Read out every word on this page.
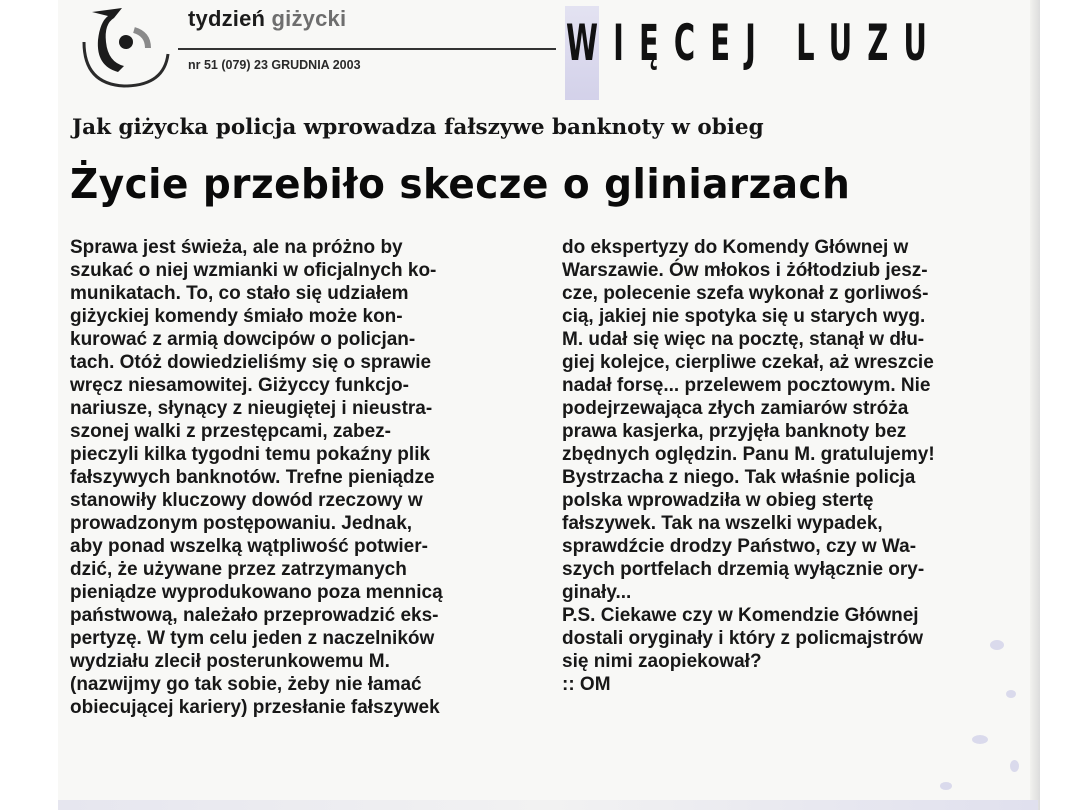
tydzień giżycki
nr 51 (079) 23 GRUDNIA 2003	WIĘCEJ LUZU
Jak giżycka policja wprowadza fałszywe banknoty w obieg
Życie przebiło skecze o gliniarzach
Sprawa jest świeża, ale na próżno by
szukać o niej wzmianki w oficjalnych ko-
munikatach. To, co stało się udziałem
giżyckiej komendy śmiało może kon-
kurować z armią dowcipów o policjan-
tach. Otóż dowiedzieliśmy się o sprawie
wręcz niesamowitej. Giżyccy funkcjo-
nariusze, słynący z nieugiętej i nieustra-
szonej walki z przestępcami, zabez-
pieczyli kilka tygodni temu pokaźny plik
fałszywych banknotów. Trefne pieniądze
stanowiły kluczowy dowód rzeczowy w
prowadzonym postępowaniu. Jednak,
aby ponad wszelką wątpliwość potwier-
dzić, że używane przez zatrzymanych
pieniądze wyprodukowano poza mennicą
państwową, należało przeprowadzić eks-
pertyzę. W tym celu jeden z naczelników
wydziału zlecił posterunkowemu M.
(nazwijmy go tak sobie, żeby nie łamać
obiecującej kariery) przesłanie fałszywek
do ekspertyzy do Komendy Głównej w
Warszawie. Ów młokos i żółtodziub jesz-
cze, polecenie szefa wykonał z gorliwoś-
cią, jakiej nie spotyka się u starych wyg.
M. udał się więc na pocztę, stanął w dłu-
giej kolejce, cierpliwe czekał, aż wreszcie
nadał forsę... przelewem pocztowym. Nie
podejrzewająca złych zamiarów stróża
prawa kasjerka, przyjęła banknoty bez
zbędnych oględzin. Panu M. gratulujemy!
Bystrzacha z niego. Tak właśnie policja
polska wprowadziła w obieg stertę
fałszywek. Tak na wszelki wypadek,
sprawdźcie drodzy Państwo, czy w Wa-
szych portfelach drzemią wyłącznie ory-
ginały...
P.S. Ciekawe czy w Komendzie Głównej
dostali oryginały i który z policmajstrów
się nimi zaopiekował?
:: OM
